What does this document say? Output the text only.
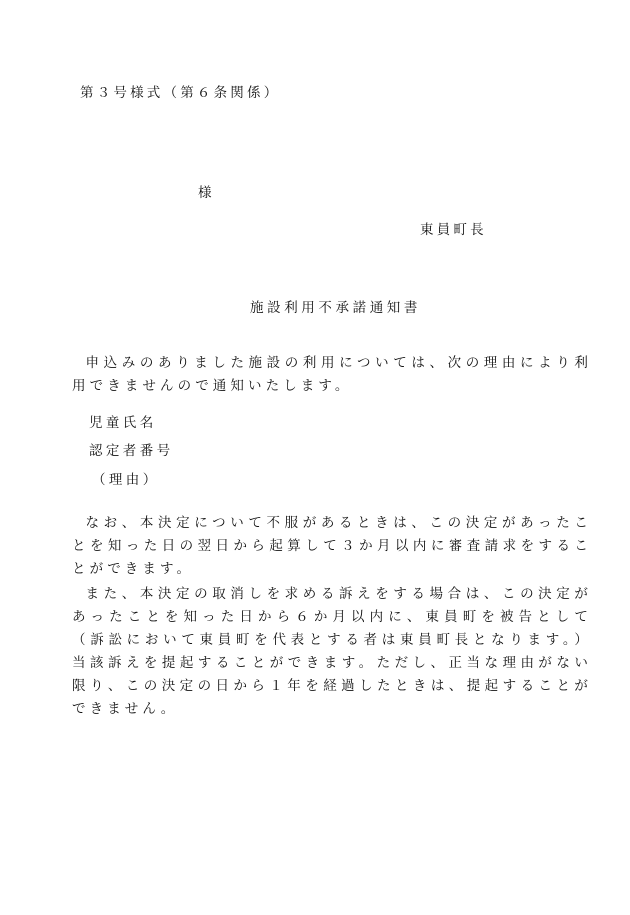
第３号様式（第６条関係）
様
東員町長
施設利用不承諾通知書
申込みのありました施設の利用については、次の理由により利用できませんので通知いたします。
児童氏名
認定者番号
（理由）
なお、本決定について不服があるときは、この決定があったことを知った日の翌日から起算して３か月以内に審査請求をすることができます。
また、本決定の取消しを求める訴えをする場合は、この決定があったことを知った日から６か月以内に、東員町を被告として（訴訟において東員町を代表とする者は東員町長となります。）当該訴えを提起することができます。ただし、正当な理由がない限り、この決定の日から１年を経過したときは、提起することができません。
